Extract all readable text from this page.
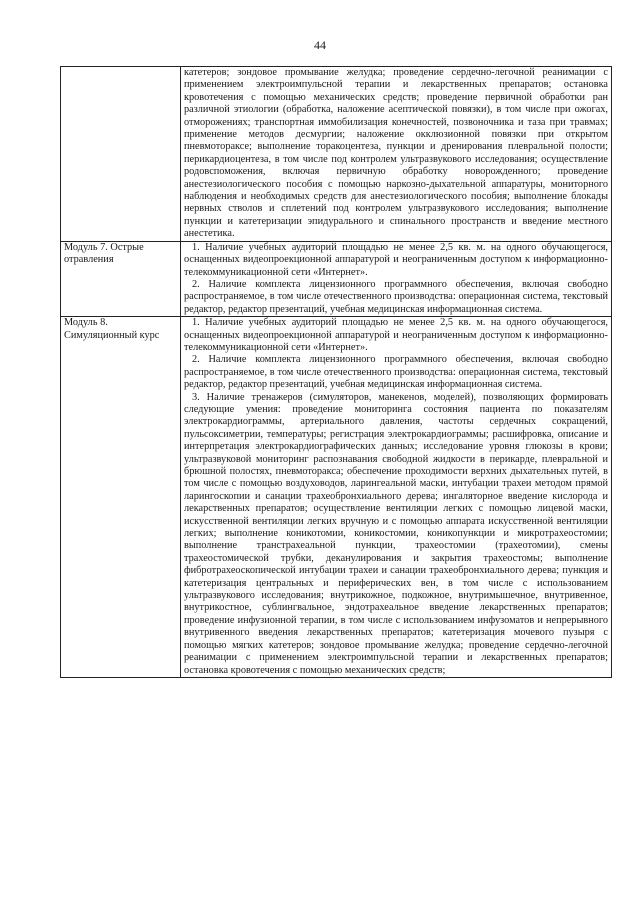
44

	катетеров; зондовое промывание желудка; проведение сердечно-легочной реанимации с применением электроимпульсной терапии и лекарственных препаратов; остановка кровотечения с помощью механических средств; проведение первичной обработки ран различной этиологии (обработка, наложение асептической повязки), в том числе при ожогах, отморожениях; транспортная иммобилизация конечностей, позвоночника и таза при травмах; применение методов десмургии; наложение окклюзионной повязки при открытом пневмотораксе; выполнение торакоцентеза, пункции и дренирования плевральной полости; перикардиоцентеза, в том числе под контролем ультразвукового исследования; осуществление родовспоможения, включая первичную обработку новорожденного; проведение анестезиологического пособия с помощью наркозно-дыхательной аппаратуры, мониторного наблюдения и необходимых средств для анестезиологического пособия; выполнение блокады нервных стволов и сплетений под контролем ультразвукового исследования; выполнение пункции и катетеризации эпидурального и спинального пространств и введение местного анестетика.

Модуль 7. Острые отравления	1. Наличие учебных аудиторий площадью не менее 2,5 кв. м. на одного обучающегося, оснащенных видеопроекционной аппаратурой и неограниченным доступом к информационно-телекоммуникационной сети «Интернет».

2. Наличие комплекта лицензионного программного обеспечения, включая свободно распространяемое, в том числе отечественного производства: операционная система, текстовый редактор, редактор презентаций, учебная медицинская информационная система.

Модуль 8. Симуляционный курс	1. Наличие учебных аудиторий площадью не менее 2,5 кв. м. на одного обучающегося, оснащенных видеопроекционной аппаратурой и неограниченным доступом к информационно-телекоммуникационной сети «Интернет».

2. Наличие комплекта лицензионного программного обеспечения, включая свободно распространяемое, в том числе отечественного производства: операционная система, текстовый редактор, редактор презентаций, учебная медицинская информационная система.

3. Наличие тренажеров (симуляторов, манекенов, моделей), позволяющих формировать следующие умения: проведение мониторинга состояния пациента по показателям электрокардиограммы, артериального давления, частоты сердечных сокращений, пульсоксиметрии, температуры; регистрация электрокардиограммы; расшифровка, описание и интерпретация электрокардиографических данных; исследование уровня глюкозы в крови; ультразвуковой мониторинг распознавания свободной жидкости в перикарде, плевральной и брюшной полостях, пневмоторакса; обеспечение проходимости верхних дыхательных путей, в том числе с помощью воздуховодов, ларингеальной маски, интубации трахеи методом прямой ларингоскопии и санации трахеобронхиального дерева; ингаляторное введение кислорода и лекарственных препаратов; осуществление вентиляции легких с помощью лицевой маски, искусственной вентиляции легких вручную и с помощью аппарата искусственной вентиляции легких; выполнение коникотомии, коникостомии, коникопункции и микротрахеостомии; выполнение транстрахеальной пункции, трахеостомии (трахеотомии), смены трахеостомической трубки, деканулирования и закрытия трахеостомы; выполнение фибротрахеоскопической интубации трахеи и санации трахеобронхиального дерева; пункция и катетеризация центральных и периферических вен, в том числе с использованием ультразвукового исследования; внутрикожное, подкожное, внутримышечное, внутривенное, внутрикостное, сублингвальное, эндотрахеальное введение лекарственных препаратов; проведение инфузионной терапии, в том числе с использованием инфузоматов и непрерывного внутривенного введения лекарственных препаратов; катетеризация мочевого пузыря с помощью мягких катетеров; зондовое промывание желудка; проведение сердечно-легочной реанимации с применением электроимпульсной терапии и лекарственных препаратов; остановка кровотечения с помощью механических средств;
